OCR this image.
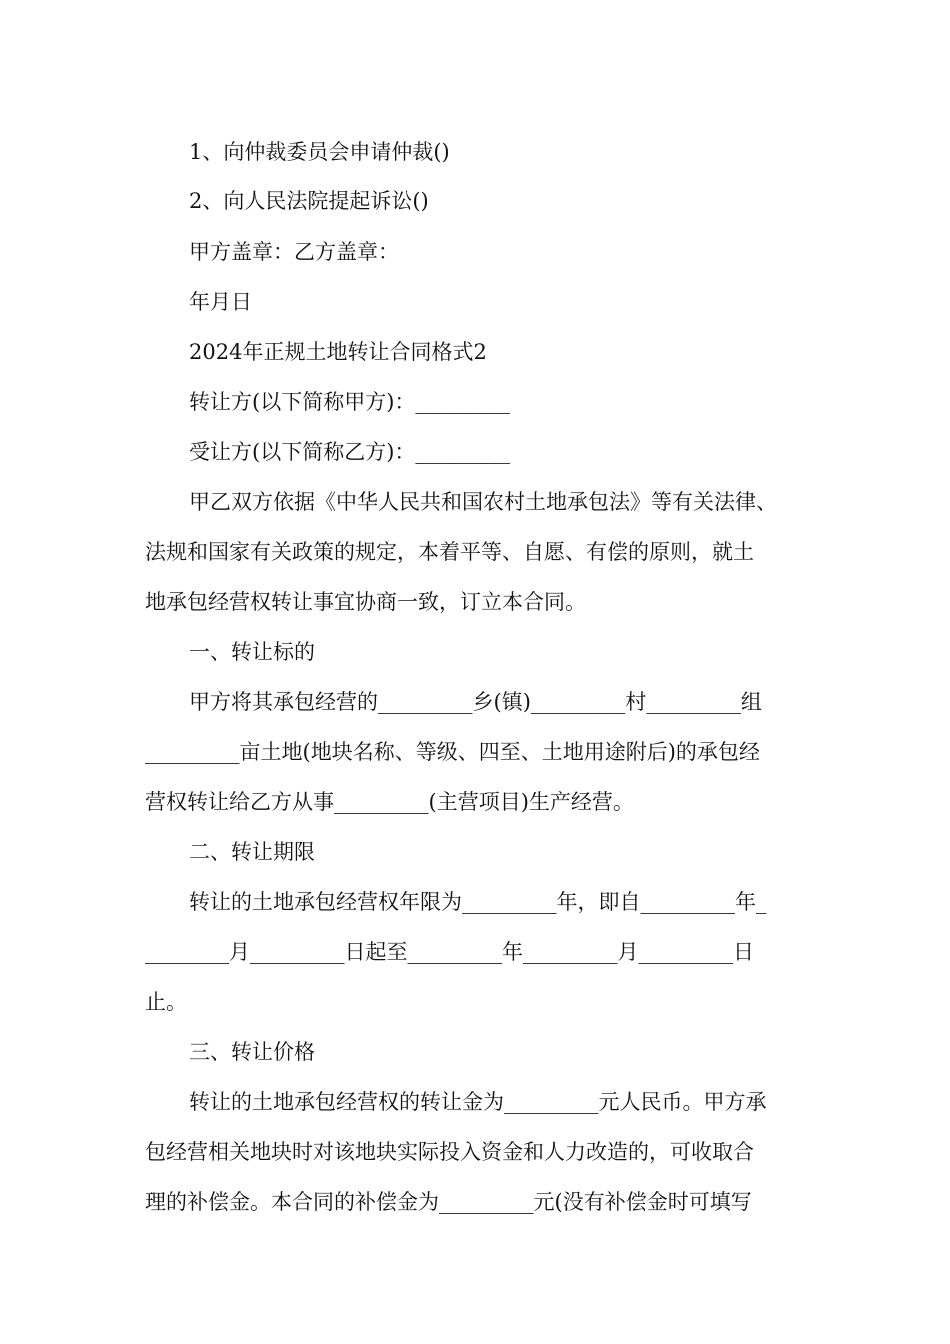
1、向仲裁委员会申请仲裁()
2、向人民法院提起诉讼()
甲方盖章：乙方盖章：
年月日
2024年正规土地转让合同格式2
转让方(以下简称甲方)：_________
受让方(以下简称乙方)：_________
甲乙双方依据《中华人民共和国农村土地承包法》等有关法律、
法规和国家有关政策的规定，本着平等、自愿、有偿的原则，就土
地承包经营权转让事宜协商一致，订立本合同。
一、转让标的
甲方将其承包经营的_________乡(镇)_________村_________组
_________亩土地(地块名称、等级、四至、土地用途附后)的承包经
营权转让给乙方从事_________(主营项目)生产经营。
二、转让期限
转让的土地承包经营权年限为_________年，即自_________年_
________月_________日起至_________年_________月_________日
止。
三、转让价格
转让的土地承包经营权的转让金为_________元人民币。甲方承
包经营相关地块时对该地块实际投入资金和人力改造的，可收取合
理的补偿金。本合同的补偿金为_________元(没有补偿金时可填写
